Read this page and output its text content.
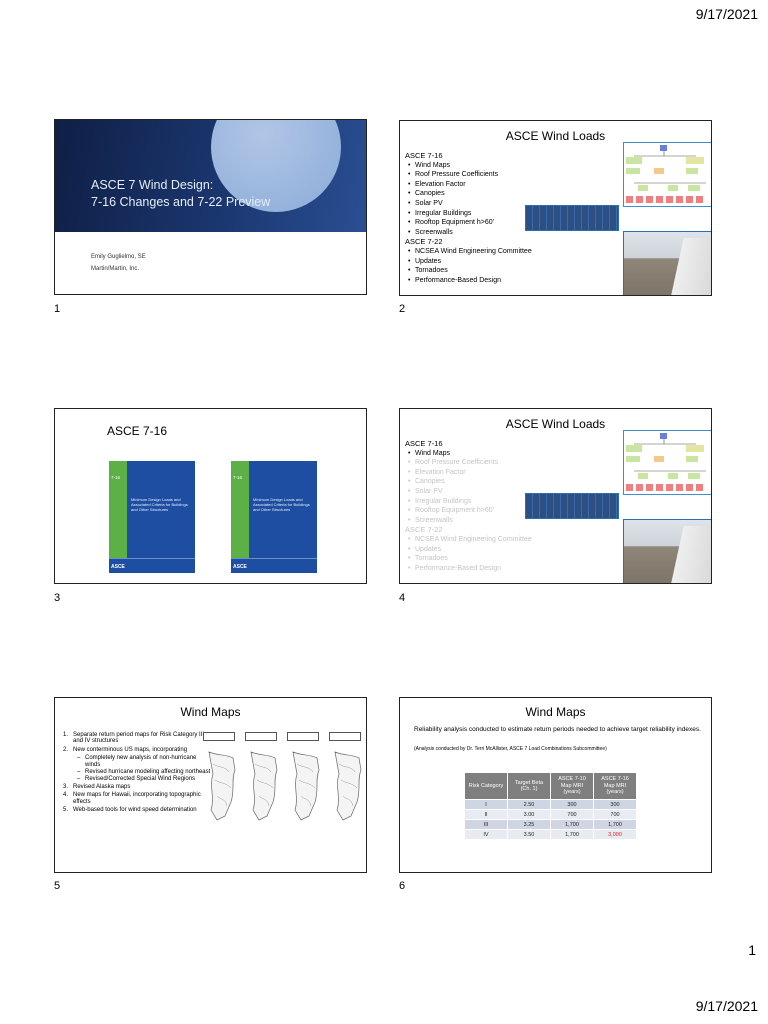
9/17/2021
ASCE 7 Wind Design:
7-16 Changes and 7-22 Preview
Emily Guglielmo, SE
Martin/Martin, Inc.
1
ASCE Wind Loads
ASCE 7-16
• Wind Maps
• Roof Pressure Coefficients
• Elevation Factor
• Canopies
• Solar PV
• Irregular Buildings
• Rooftop Equipment h>60'
• Screenwalls
ASCE 7-22
• NCSEA Wind Engineering Committee
• Updates
• Tornadoes
• Performance-Based Design
2
ASCE 7-16
7-16
Minimum Design Loads and Associated Criteria for Buildings and Other Structures
ASCE
7-16
Minimum Design Loads and Associated Criteria for Buildings and Other Structures
ASCE
3
ASCE Wind Loads
ASCE 7-16
• Wind Maps
• Roof Pressure Coefficients
• Elevation Factor
• Canopies
• Solar PV
• Irregular Buildings
• Rooftop Equipment h>60'
• Screenwalls
ASCE 7-22
• NCSEA Wind Engineering Committee
• Updates
• Tornadoes
• Performance-Based Design
4
Wind Maps
1. Separate return period maps for Risk Category III and IV structures
2. New conterminous US maps, incorporating
– Completely new analysis of non-hurricane winds
– Revised hurricane modeling affecting northeast
– Revised/Corrected Special Wind Regions
3. Revised Alaska maps
4. New maps for Hawaii, incorporating topographic effects
5. Web-based tools for wind speed determination
5
Wind Maps
Reliability analysis conducted to estimate return periods needed to achieve target reliability indexes.
(Analysis conducted by Dr. Terri McAllister, ASCE 7 Load Combinations Subcommittee)
Risk Category	Target Beta (Ch. 1)	ASCE 7-10 Map MRI (years)	ASCE 7-16 Map MRI (years)
I	2.50	300	300
II	3.00	700	700
III	3.25	1,700	1,700
IV	3.50	1,700	3,000
6
1
9/17/2021
